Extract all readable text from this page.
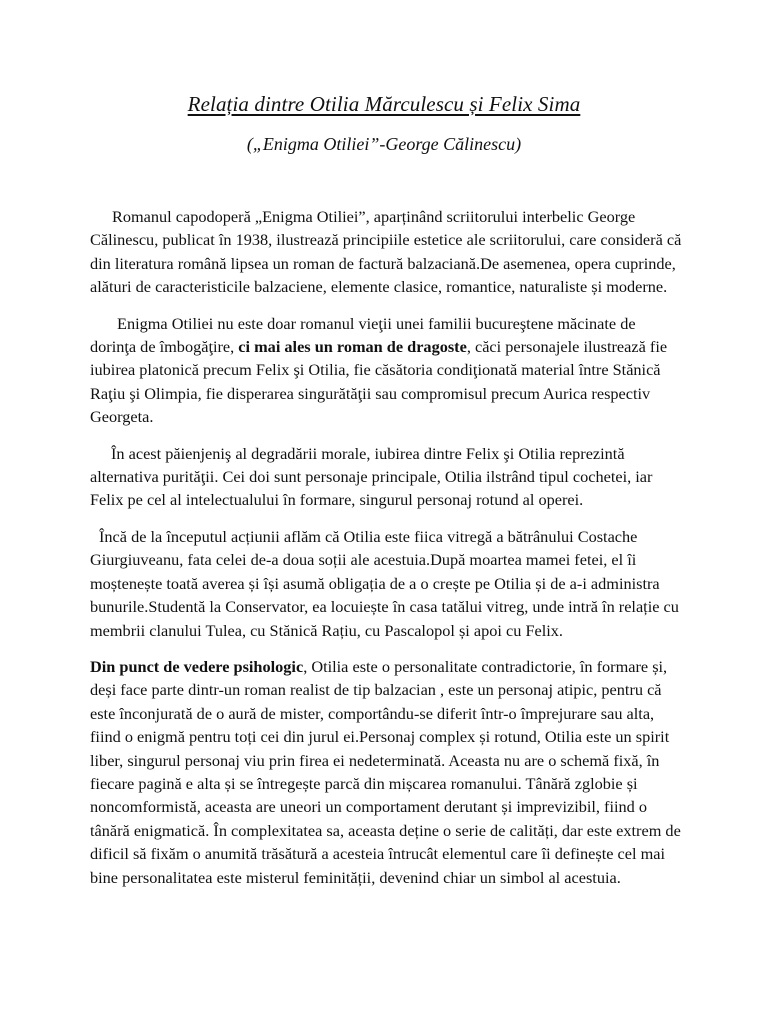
Relația dintre Otilia Mărculescu și Felix Sima
(„Enigma Otiliei”-George Călinescu)

Romanul capodoperă „Enigma Otiliei”, aparținând scriitorului interbelic George Călinescu, publicat în 1938, ilustrează principiile estetice ale scriitorului, care consideră că din literatura română lipsea un roman de factură balzaciană.De asemenea, opera cuprinde, alături de caracteristicile balzaciene, elemente clasice, romantice, naturaliste și moderne.

Enigma Otiliei nu este doar romanul vieţii unei familii bucureştene măcinate de dorinţa de îmbogăţire, ci mai ales un roman de dragoste, căci personajele ilustrează fie iubirea platonică precum Felix şi Otilia, fie căsătoria condiţionată material între Stănică Raţiu şi Olimpia, fie disperarea singurătăţii sau compromisul precum Aurica respectiv Georgeta.

În acest păienjeniş al degradării morale, iubirea dintre Felix şi Otilia reprezintă alternativa purităţii. Cei doi sunt personaje principale, Otilia ilstrând tipul cochetei, iar Felix pe cel al intelectualului în formare, singurul personaj rotund al operei.

Încă de la începutul acțiunii aflăm că Otilia este fiica vitregă a bătrânului Costache Giurgiuveanu, fata celei de-a doua soții ale acestuia.După moartea mamei fetei, el îi moștenește toată averea și își asumă obligația de a o crește pe Otilia și de a-i administra bunurile.Studentă la Conservator, ea locuiește în casa tatălui vitreg, unde intră în relație cu membrii clanului Tulea, cu Stănică Rațiu, cu Pascalopol și apoi cu Felix.

Din punct de vedere psihologic, Otilia este o personalitate contradictorie, în formare și, deși face parte dintr-un roman realist de tip balzacian , este un personaj atipic, pentru că este înconjurată de o aură de mister, comportându-se diferit într-o împrejurare sau alta, fiind o enigmă pentru toți cei din jurul ei.Personaj complex și rotund, Otilia este un spirit liber, singurul personaj viu prin firea ei nedeterminată. Aceasta nu are o schemă fixă, în fiecare pagină e alta și se întregește parcă din mișcarea romanului. Tânără zglobie și noncomformistă, aceasta are uneori un comportament derutant și imprevizibil, fiind o tânără enigmatică. În complexitatea sa, aceasta deține o serie de calități, dar este extrem de dificil să fixăm o anumită trăsătură a acesteia întrucât elementul care îi definește cel mai bine personalitatea este misterul feminității, devenind chiar un simbol al acestuia.
